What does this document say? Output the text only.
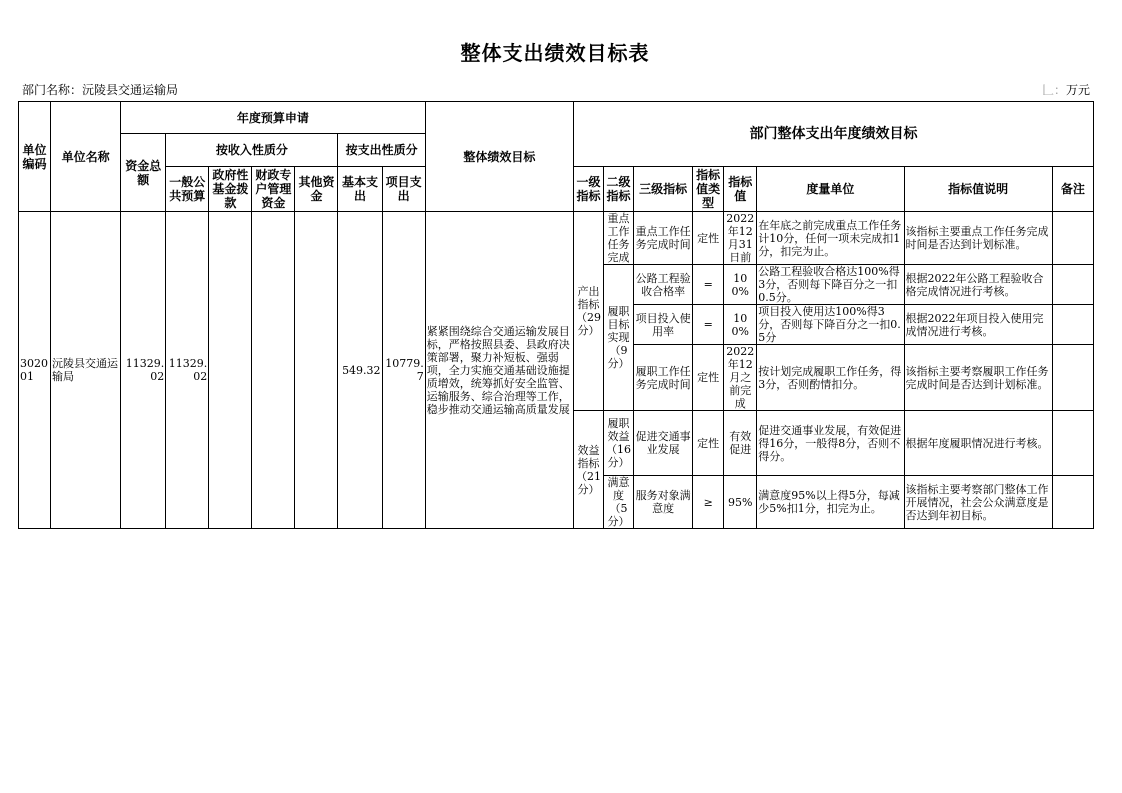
整体支出绩效目标表
部门名称：沅陵县交通运输局	𠃊：万元
单位编码	单位名称	年度预算申请							整体绩效目标	部门整体支出年度绩效目标							
		资金总额	按收入性质分				按支出性质分										
			一般公共预算	政府性基金拨款	财政专户管理资金	其他资金	基本支出	项目支出		一级指标	二级指标	三级指标	指标值类型	指标值	度量单位	指标值说明	备注
302001	沅陵县交通运输局	11329.02	11329.02				549.32	10779.7	紧紧围绕综合交通运输发展目标，严格按照县委、县政府决策部署，聚力补短板、强弱项，全力实施交通基础设施提质增效，统筹抓好安全监管、运输服务、综合治理等工作，稳步推动交通运输高质量发展	产出指标（29分）	重点工作任务完成	重点工作任务完成时间	定性	2022年12月31日前	在年底之前完成重点工作任务计10分，任何一项未完成扣1分，扣完为止。	该指标主要重点工作任务完成时间是否达到计划标准。	
											履职目标实现（9分）	公路工程验收合格率	=	100%	公路工程验收合格达100%得3分，否则每下降百分之一扣0.5分。	根据2022年公路工程验收合格完成情况进行考核。	
												项目投入使用率	=	100%	项目投入使用达100%得3分，否则每下降百分之一扣0.5分	根据2022年项目投入使用完成情况进行考核。	
												履职工作任务完成时间	定性	2022年12月之前完成	按计划完成履职工作任务，得3分，否则酌情扣分。	该指标主要考察履职工作任务完成时间是否达到计划标准。	
										效益指标（21分）	履职效益（16分）	促进交通事业发展	定性	有效促进	促进交通事业发展，有效促进得16分，一般得8分，否则不得分。	根据年度履职情况进行考核。	
											满意度（5分）	服务对象满意度	≥	95%	满意度95%以上得5分，每减少5%扣1分，扣完为止。	该指标主要考察部门整体工作开展情况，社会公众满意度是否达到年初目标。	
